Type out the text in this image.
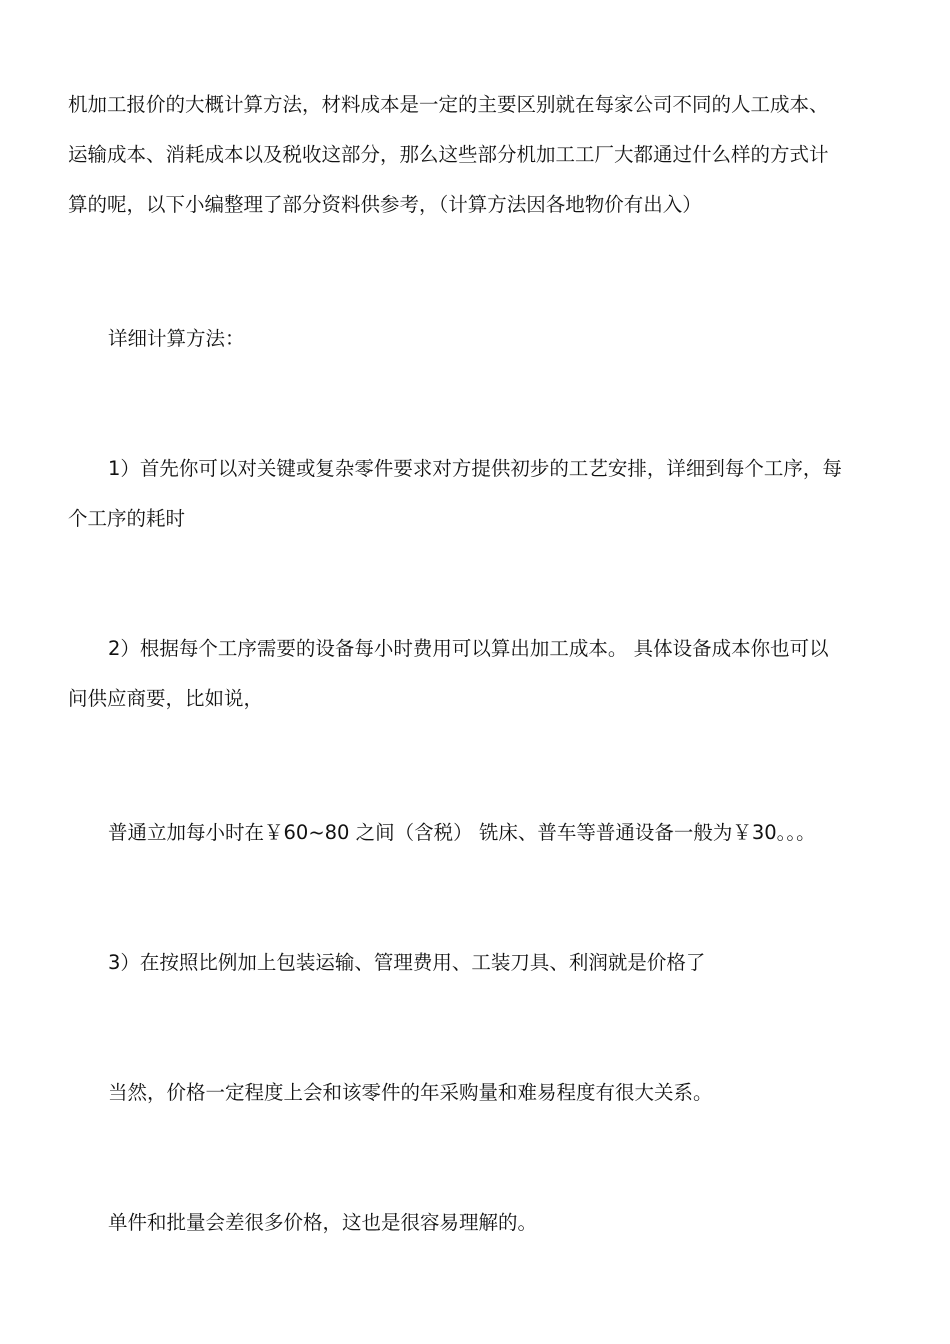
机加工报价的大概计算方法，材料成本是一定的主要区别就在每家公司不同的人工成本、
运输成本、消耗成本以及税收这部分，那么这些部分机加工工厂大都通过什么样的方式计
算的呢，以下小编整理了部分资料供参考，（计算方法因各地物价有出入）

详细计算方法：

1）首先你可以对关键或复杂零件要求对方提供初步的工艺安排，详细到每个工序，每
个工序的耗时

2）根据每个工序需要的设备每小时费用可以算出加工成本。 具体设备成本你也可以
问供应商要，比如说，

普通立加每小时在￥60~80 之间（含税） 铣床、普车等普通设备一般为￥30。。。

3）在按照比例加上包装运输、管理费用、工装刀具、利润就是价格了

当然，价格一定程度上会和该零件的年采购量和难易程度有很大关系。

单件和批量会差很多价格，这也是很容易理解的。
